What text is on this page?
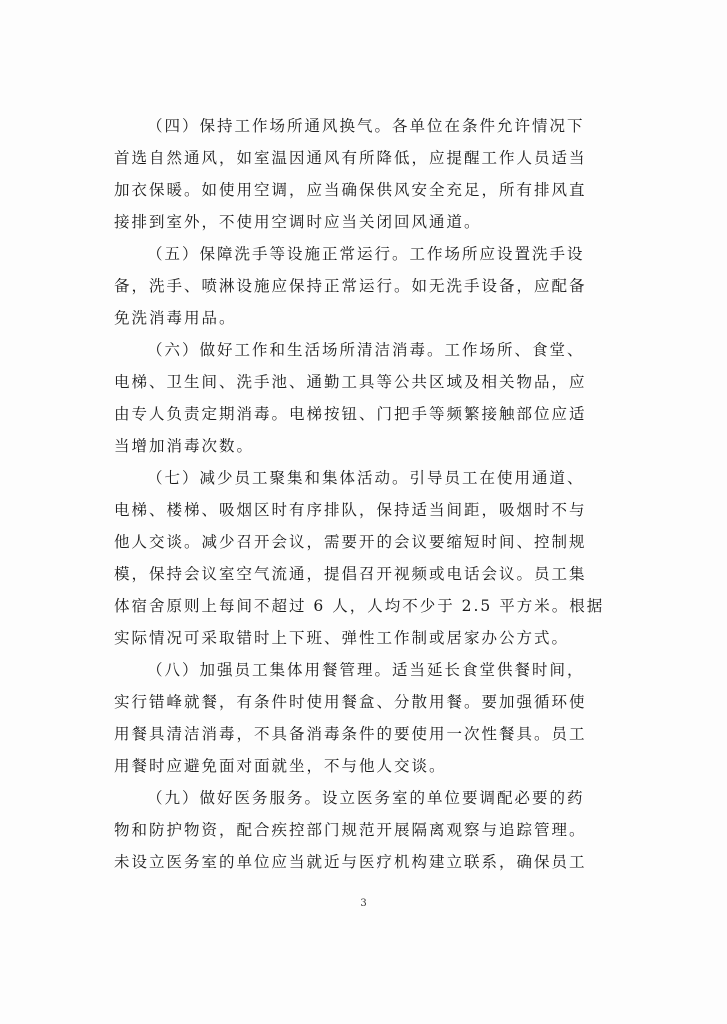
（四）保持工作场所通风换气。各单位在条件允许情况下
首选自然通风，如室温因通风有所降低，应提醒工作人员适当
加衣保暖。如使用空调，应当确保供风安全充足，所有排风直
接排到室外，不使用空调时应当关闭回风通道。

（五）保障洗手等设施正常运行。工作场所应设置洗手设
备，洗手、喷淋设施应保持正常运行。如无洗手设备，应配备
免洗消毒用品。

（六）做好工作和生活场所清洁消毒。工作场所、食堂、
电梯、卫生间、洗手池、通勤工具等公共区域及相关物品，应
由专人负责定期消毒。电梯按钮、门把手等频繁接触部位应适
当增加消毒次数。

（七）减少员工聚集和集体活动。引导员工在使用通道、
电梯、楼梯、吸烟区时有序排队，保持适当间距，吸烟时不与
他人交谈。减少召开会议，需要开的会议要缩短时间、控制规
模，保持会议室空气流通，提倡召开视频或电话会议。员工集
体宿舍原则上每间不超过 6 人，人均不少于 2.5 平方米。根据
实际情况可采取错时上下班、弹性工作制或居家办公方式。

（八）加强员工集体用餐管理。适当延长食堂供餐时间，
实行错峰就餐，有条件时使用餐盒、分散用餐。要加强循环使
用餐具清洁消毒，不具备消毒条件的要使用一次性餐具。员工
用餐时应避免面对面就坐，不与他人交谈。

（九）做好医务服务。设立医务室的单位要调配必要的药
物和防护物资，配合疾控部门规范开展隔离观察与追踪管理。
未设立医务室的单位应当就近与医疗机构建立联系，确保员工

3
